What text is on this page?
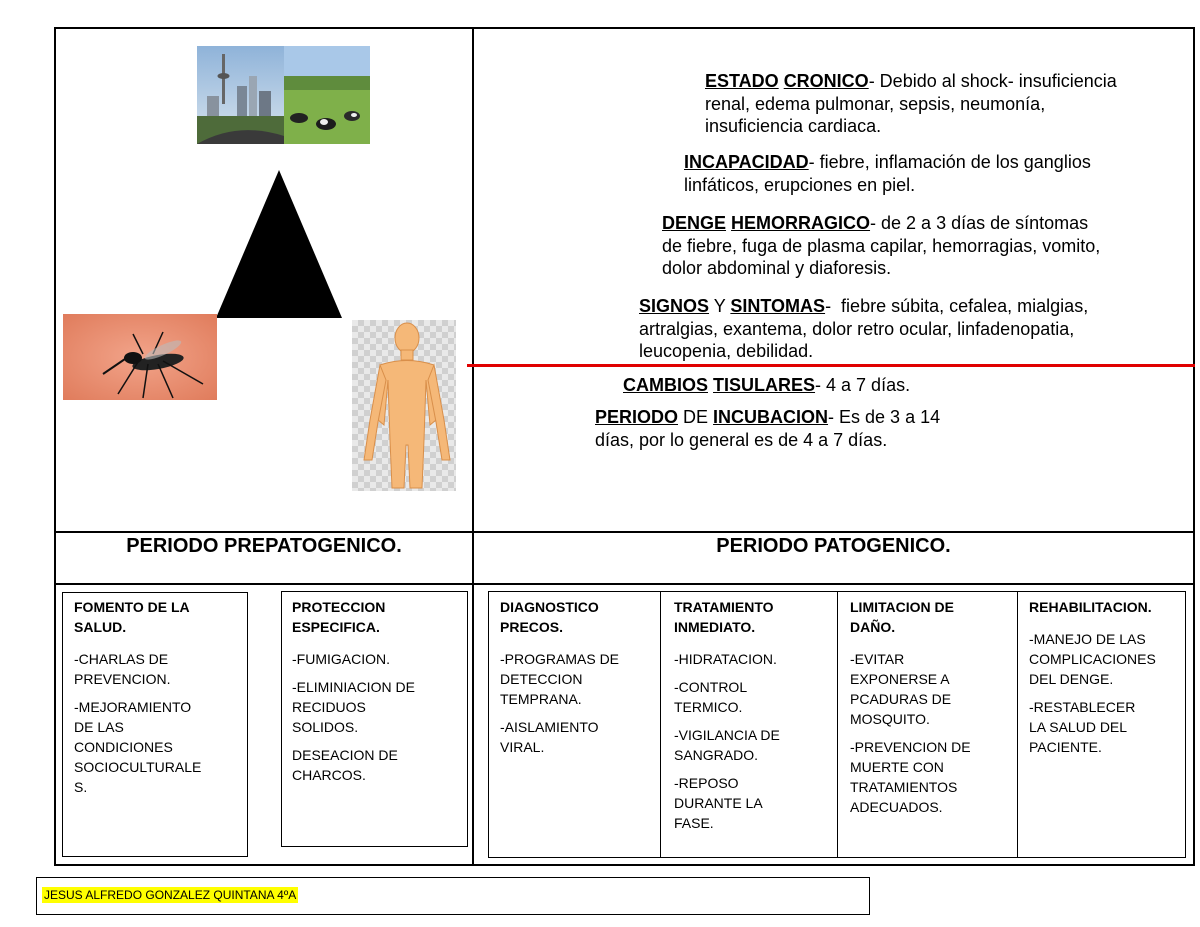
ESTADO CRONICO- Debido al shock- insuficiencia
renal, edema pulmonar, sepsis, neumonía,
insuficiencia cardiaca.
INCAPACIDAD- fiebre, inflamación de los ganglios
linfáticos, erupciones en piel.
DENGE HEMORRAGICO- de 2 a 3 días de síntomas
de fiebre, fuga de plasma capilar, hemorragias, vomito,
dolor abdominal y diaforesis.
SIGNOS Y SINTOMAS-  fiebre súbita, cefalea, mialgias,
artralgias, exantema, dolor retro ocular, linfadenopatia,
leucopenia, debilidad.
CAMBIOS TISULARES- 4 a 7 días.
PERIODO DE INCUBACION- Es de 3 a 14
días, por lo general es de 4 a 7 días.
PERIODO PREPATOGENICO.	PERIODO PATOGENICO.
FOMENTO DE LA
SALUD.

-CHARLAS DE
PREVENCION.

-MEJORAMIENTO
DE LAS
CONDICIONES
SOCIOCULTURALE
S.

PROTECCION
ESPECIFICA.

-FUMIGACION.

-ELIMINIACION DE
RECIDUOS
SOLIDOS.

DESEACION DE
CHARCOS.

DIAGNOSTICO
PRECOS.

-PROGRAMAS DE
DETECCION
TEMPRANA.

-AISLAMIENTO
VIRAL.

TRATAMIENTO
INMEDIATO.

-HIDRATACION.

-CONTROL
TERMICO.

-VIGILANCIA DE
SANGRADO.

-REPOSO
DURANTE LA
FASE.

LIMITACION DE
DAÑO.

-EVITAR
EXPONERSE A
PCADURAS DE
MOSQUITO.

-PREVENCION DE
MUERTE CON
TRATAMIENTOS
ADECUADOS.

REHABILITACION.

-MANEJO DE LAS
COMPLICACIONES
DEL DENGE.

-RESTABLECER
LA SALUD DEL
PACIENTE.

JESUS ALFREDO GONZALEZ QUINTANA 4ºA
